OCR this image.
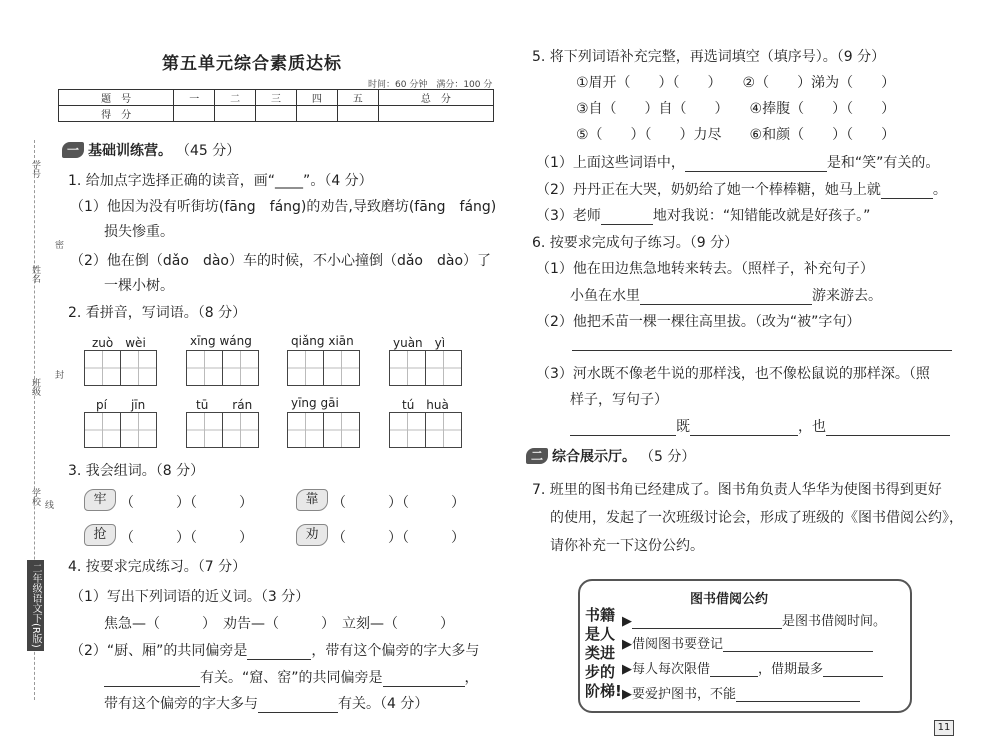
学号
姓名
密
班级
封
学校 线
二年级语文下(R版)
第五单元综合素质达标
时间：60 分钟　满分：100 分
题　号	一	二	三	四	五	总　分
得　分						
一 基础训练营。 （45 分）
1. 给加点字选择正确的读音，画“____”。（4 分）
（1）他因为没有听街坊(fāng　fáng)的劝告,导致磨坊(fāng　fáng)
损失惨重。
（2）他在倒（dǎo　dào）车的时候，不小心撞倒（dǎo　dào）了
一棵小树。
2. 看拼音，写词语。（8 分）
zuò　wèi	xīng wáng	qiǎng xiān	yuàn　yì
pí　　jīn	tū　　rán	yīng gāi	tú　huà
3. 我会组词。（8 分）
牢 （　　　）（　　　）	靠 （　　　）（　　　）
抢 （　　　）（　　　）	劝 （　　　）（　　　）
4. 按要求完成练习。（7 分）
（1）写出下列词语的近义词。（3 分）
焦急—（　　　）　劝告—（　　　）　立刻—（　　　）
（2）“厨、厢”的共同偏旁是	，带有这个偏旁的字大多与
有关。“窟、窑”的共同偏旁是	，
带有这个偏旁的字大多与	有关。（4 分）
5. 将下列词语补充完整，再选词填空（填序号）。（9 分）
①眉开（　　）（　　）　　②（　　）涕为（　　）
③自（　　）自（　　）　　④捧腹（　　）（　　）
⑤（　　）（　　）力尽　　⑥和颜（　　）（　　）
（1）上面这些词语中，	是和“笑”有关的。
（2）丹丹正在大哭，奶奶给了她一个棒棒糖，她马上就	。
（3）老师	地对我说：“知错能改就是好孩子。”
6. 按要求完成句子练习。（9 分）
（1）他在田边焦急地转来转去。（照样子，补充句子）
小鱼在水里	游来游去。
（2）他把禾苗一棵一棵往高里拔。（改为“被”字句）
（3）河水既不像老牛说的那样浅，也不像松鼠说的那样深。（照
样子，写句子）
既	，也
二 综合展示厅。 （5 分）
7. 班里的图书角已经建成了。图书角负责人华华为使图书得到更好
的使用，发起了一次班级讨论会，形成了班级的《图书借阅公约》，
请你补充一下这份公约。
图书借阅公约
书籍
是人
类进
步的
阶梯!
▶	是图书借阅时间。
▶借阅图书要登记
▶每人每次限借	，借期最多
▶要爱护图书，不能
11
